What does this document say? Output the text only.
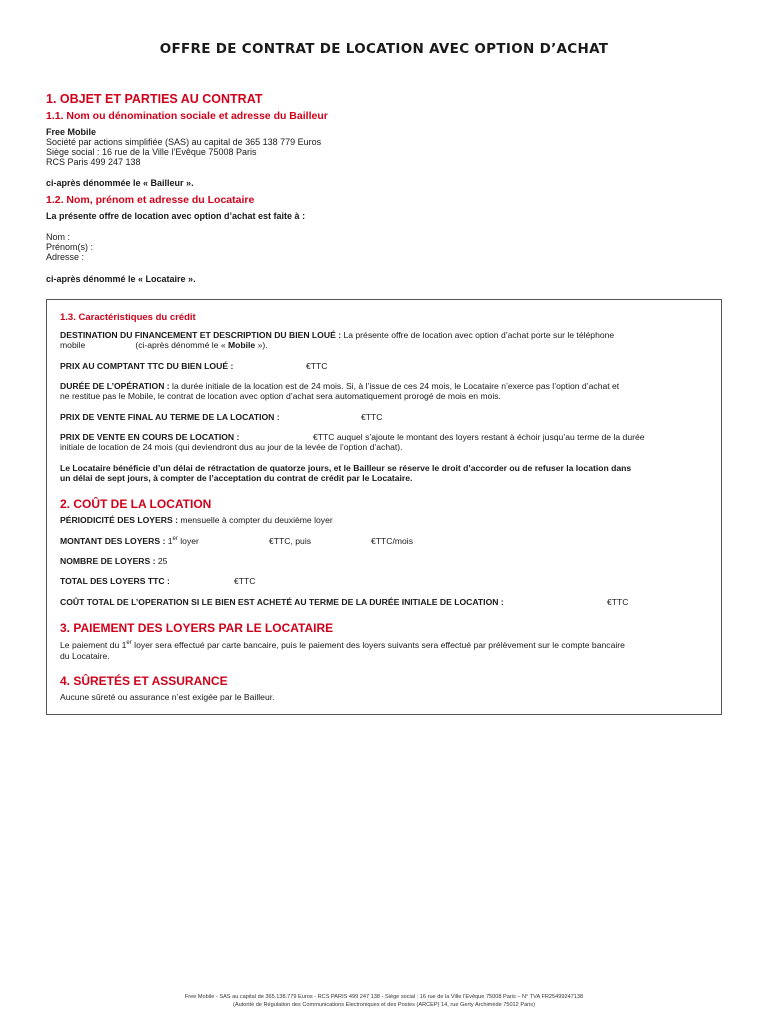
OFFRE DE CONTRAT DE LOCATION AVEC OPTION D’ACHAT
1. OBJET ET PARTIES AU CONTRAT
1.1. Nom ou dénomination sociale et adresse du Bailleur
Free Mobile
Société par actions simplifiée (SAS) au capital de 365 138 779 Euros
Siège social : 16 rue de la Ville l’Evêque 75008 Paris
RCS Paris 499 247 138
ci-après dénommée le « Bailleur ».
1.2. Nom, prénom et adresse du Locataire
La présente offre de location avec option d’achat est faite à :
Nom :
Prénom(s) :
Adresse :
ci-après dénommé le « Locataire ».
1.3. Caractéristiques du crédit
DESTINATION DU FINANCEMENT ET DESCRIPTION DU BIEN LOUÉ : La présente offre de location avec option d’achat porte sur le téléphone
mobile	(ci-après dénommé le « Mobile »).
PRIX AU COMPTANT TTC DU BIEN LOUÉ :	€TTC
DURÉE DE L’OPÉRATION : la durée initiale de la location est de 24 mois. Si, à l’issue de ces 24 mois, le Locataire n’exerce pas l’option d’achat et
ne restitue pas le Mobile, le contrat de location avec option d’achat sera automatiquement prorogé de mois en mois.
PRIX DE VENTE FINAL AU TERME DE LA LOCATION :	€TTC
PRIX DE VENTE EN COURS DE LOCATION :	€TTC auquel s’ajoute le montant des loyers restant à échoir jusqu’au terme de la durée
initiale de location de 24 mois (qui deviendront dus au jour de la levée de l’option d’achat).
Le Locataire bénéficie d’un délai de rétractation de quatorze jours, et le Bailleur se réserve le droit d’accorder ou de refuser la location dans
un délai de sept jours, à compter de l’acceptation du contrat de crédit par le Locataire.
2. COÛT DE LA LOCATION
PÉRIODICITÉ DES LOYERS : mensuelle à compter du deuxième loyer
MONTANT DES LOYERS : 1er loyer	€TTC, puis	€TTC/mois
NOMBRE DE LOYERS : 25
TOTAL DES LOYERS TTC :	€TTC
COÛT TOTAL DE L’OPERATION SI LE BIEN EST ACHETÉ AU TERME DE LA DURÉE INITIALE DE LOCATION :	€TTC
3. PAIEMENT DES LOYERS PAR LE LOCATAIRE
Le paiement du 1er loyer sera effectué par carte bancaire, puis le paiement des loyers suivants sera effectué par prélèvement sur le compte bancaire
du Locataire.
4. SÛRETÉS ET ASSURANCE
Aucune sûreté ou assurance n’est exigée par le Bailleur.
Free Mobile - SAS au capital de 365.138.779 Euros - RCS PARIS 499 247 138 - Siège social : 16 rue de la Ville l’Evêque 75008 Paris – N° TVA FR25499247138
(Autorité de Régulation des Communications Electroniques et des Postes (ARCEP) 14, rue Gerty Archimède 75012 Paris)
